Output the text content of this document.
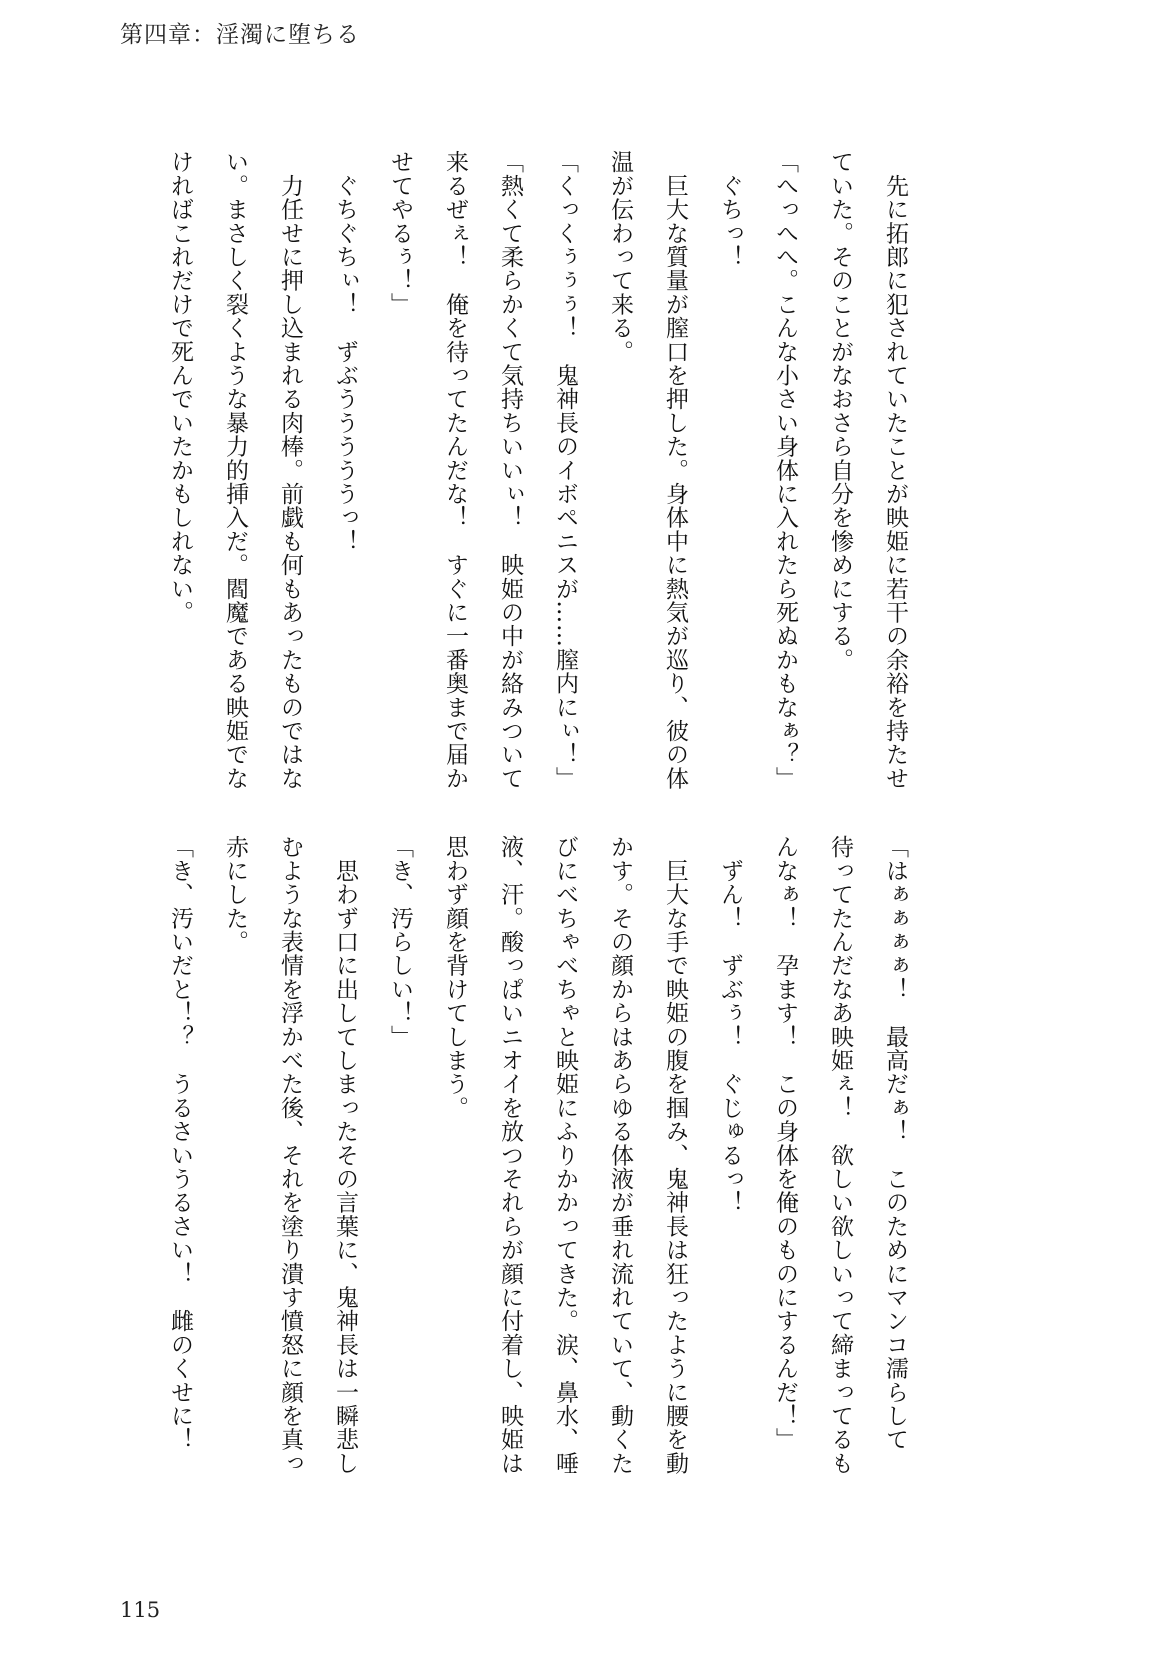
第四章：淫濁に堕ちる
　先に拓郎に犯されていたことが映姫に若干の余裕を持たせ
ていた。そのことがなおさら自分を惨めにする。
「へっへへ。こんな小さい身体に入れたら死ぬかもなぁ？」
　ぐちっ！
　巨大な質量が膣口を押した。身体中に熱気が巡り、彼の体
温が伝わって来る。
「くっくぅぅぅ！　鬼神長のイボペニスが……膣内にぃ！」
「熱くて柔らかくて気持ちいいぃ！　映姫の中が絡みついて
来るぜぇ！　俺を待ってたんだな！　すぐに一番奥まで届か
せてやるぅ！」
　ぐちぐちぃ！　ずぶうううううっ！
　力任せに押し込まれる肉棒。前戯も何もあったものではな
い。まさしく裂くような暴力的挿入だ。閻魔である映姫でな
ければこれだけで死んでいたかもしれない。
「はぁぁぁぁ！　最高だぁ！　このためにマンコ濡らして
待ってたんだなあ映姫ぇ！　欲しい欲しいって締まってるも
んなぁ！　孕ます！　この身体を俺のものにするんだ！」
　ずん！　ずぶぅ！　ぐじゅるっ！
　巨大な手で映姫の腹を掴み、鬼神長は狂ったように腰を動
かす。その顔からはあらゆる体液が垂れ流れていて、動くた
びにべちゃべちゃと映姫にふりかかってきた。涙、鼻水、唾
液、汗。酸っぱいニオイを放つそれらが顔に付着し、映姫は
思わず顔を背けてしまう。
「き、汚らしい！」
　思わず口に出してしまったその言葉に、鬼神長は一瞬悲し
むような表情を浮かべた後、それを塗り潰す憤怒に顔を真っ
赤にした。
「き、汚いだと！？　うるさいうるさい！　雌のくせに！
115
